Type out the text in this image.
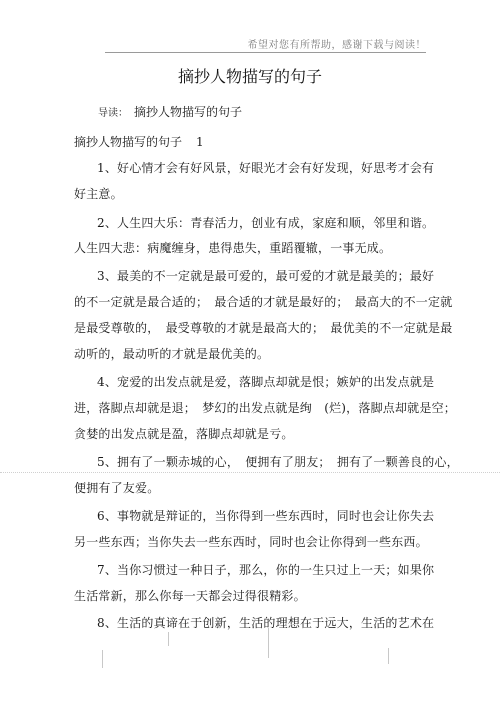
希望对您有所帮助，感谢下载与阅读！
摘抄人物描写的句子
导读： 摘抄人物描写的句子
摘抄人物描写的句子 1
1、好心情才会有好风景，好眼光才会有好发现，好思考才会有
好主意。
2、人生四大乐：青春活力，创业有成，家庭和顺，邻里和谐。
人生四大悲：病魔缠身，患得患失，重蹈覆辙，一事无成。
3、最美的不一定就是最可爱的，最可爱的才就是最美的；最好
的不一定就是最合适的；　最合适的才就是最好的；　最高大的不一定就
是最受尊敬的，　最受尊敬的才就是最高大的；　最优美的不一定就是最
动听的，最动听的才就是最优美的。
4、宠爱的出发点就是爱，落脚点却就是恨；嫉妒的出发点就是
进，落脚点却就是退；　梦幻的出发点就是绚　(烂)，落脚点却就是空；
贪婪的出发点就是盈，落脚点却就是亏。
5、拥有了一颗赤城的心，　便拥有了朋友；　拥有了一颗善良的心，
便拥有了友爱。
6、事物就是辩证的，当你得到一些东西时，同时也会让你失去
另一些东西；当你失去一些东西时，同时也会让你得到一些东西。
7、当你习惯过一种日子，那么，你的一生只过上一天；如果你
生活常新，那么你每一天都会过得很精彩。
8、生活的真谛在于创新，生活的理想在于远大，生活的艺术在
